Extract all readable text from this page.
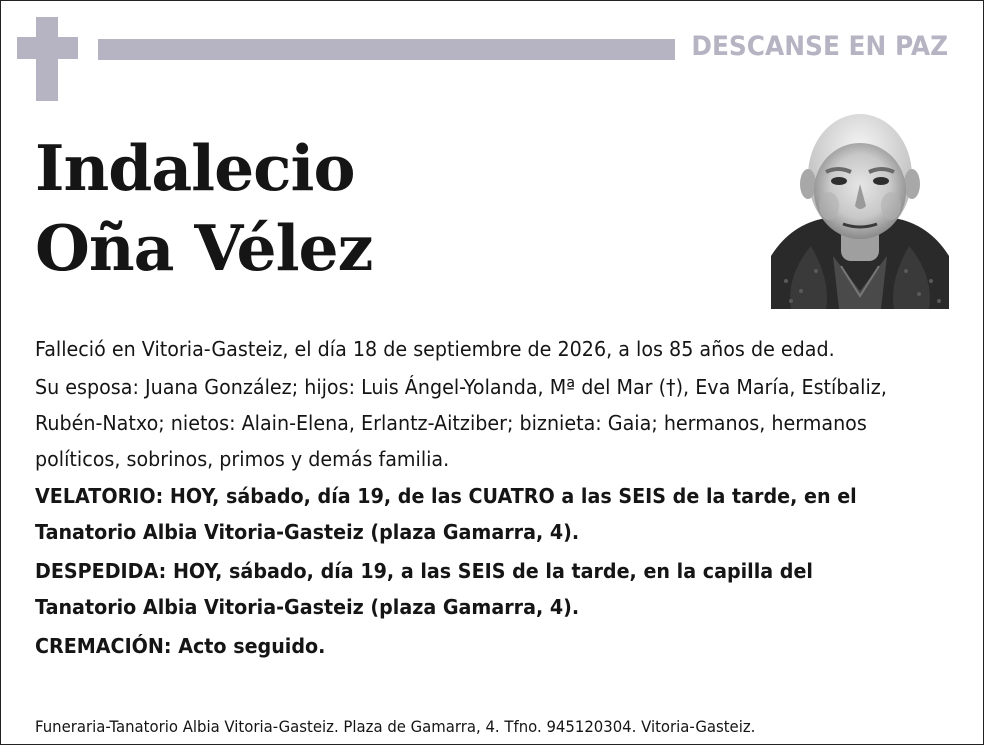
DESCANSE EN PAZ
Indalecio
Oña Vélez

Falleció en Vitoria-Gasteiz, el día 18 de septiembre de 2026, a los 85 años de edad.

Su esposa: Juana González; hijos: Luis Ángel-Yolanda, Mª del Mar (†), Eva María, Estíbaliz, Rubén-Natxo; nietos: Alain-Elena, Erlantz-Aitziber; biznieta: Gaia; hermanos, hermanos políticos, sobrinos, primos y demás familia.

VELATORIO: HOY, sábado, día 19, de las CUATRO a las SEIS de la tarde, en el Tanatorio Albia Vitoria-Gasteiz (plaza Gamarra, 4).

DESPEDIDA: HOY, sábado, día 19, a las SEIS de la tarde, en la capilla del Tanatorio Albia Vitoria-Gasteiz (plaza Gamarra, 4).

CREMACIÓN: Acto seguido.

Funeraria-Tanatorio Albia Vitoria-Gasteiz. Plaza de Gamarra, 4. Tfno. 945120304. Vitoria-Gasteiz.
